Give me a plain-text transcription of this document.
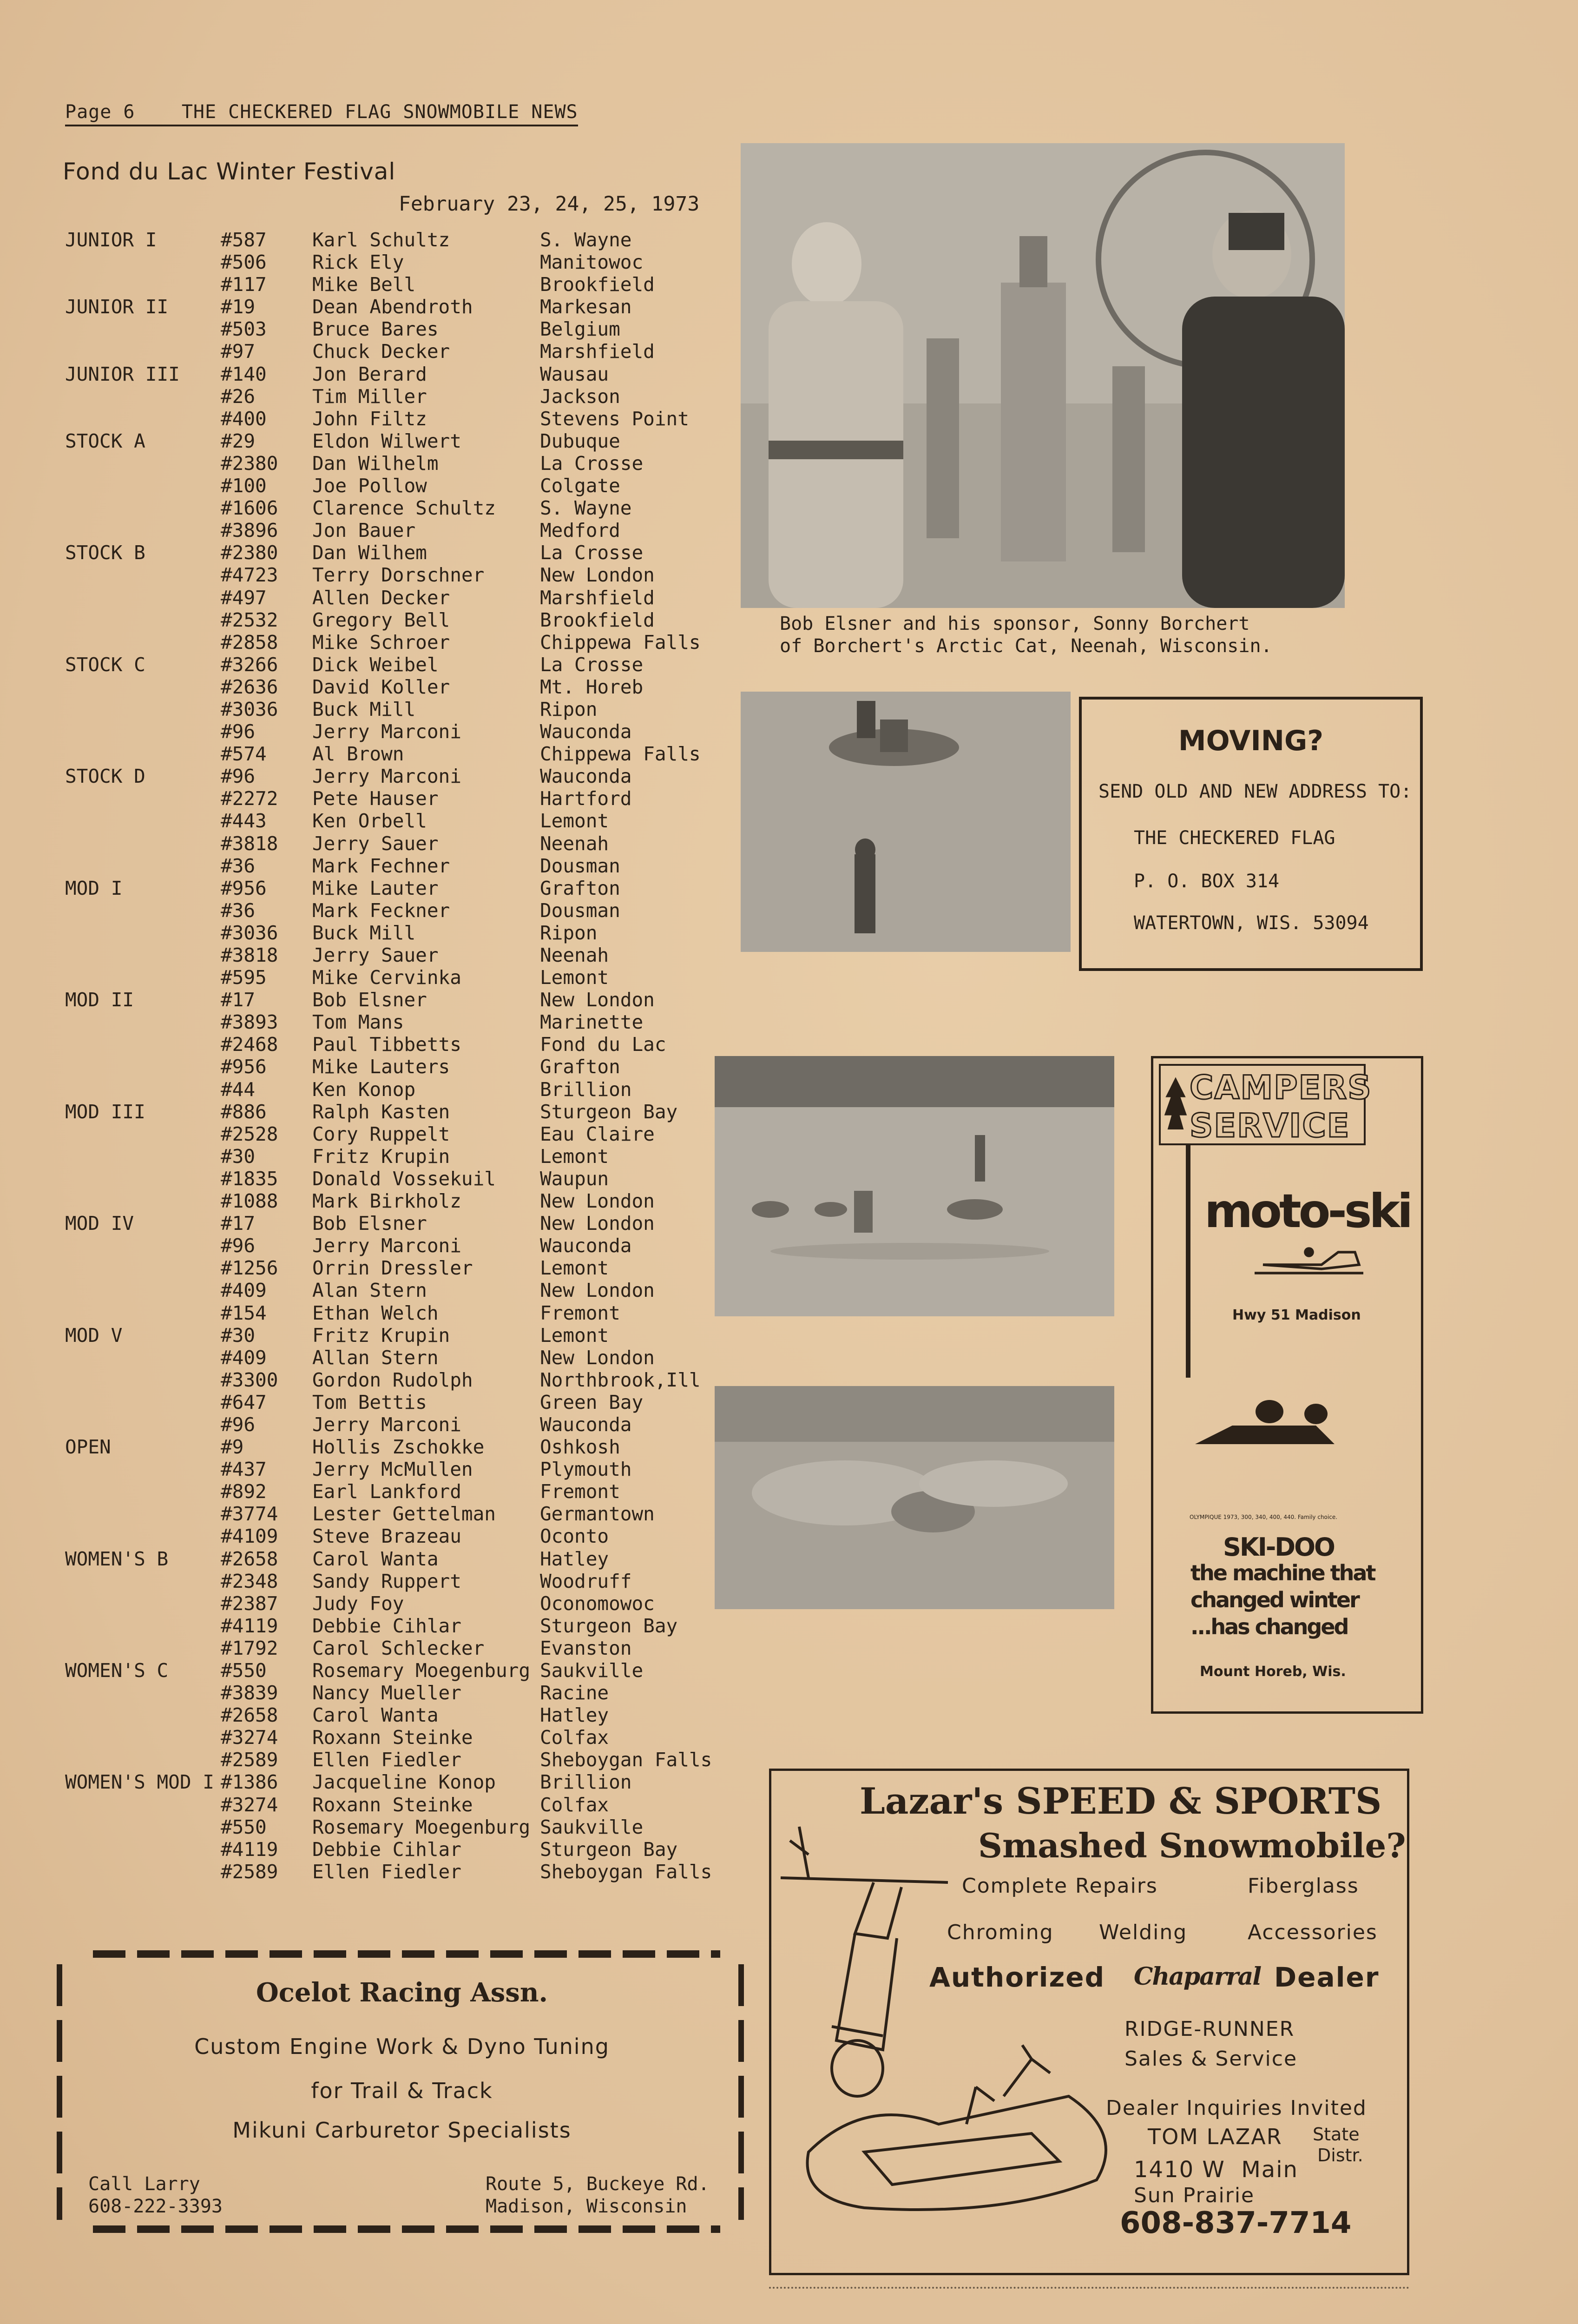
Page 6	THE CHECKERED FLAG SNOWMOBILE NEWS
Fond du Lac Winter Festival
February 23, 24, 25, 1973
JUNIOR I	#587 Karl Schultz	S. Wayne
#506 Rick Ely	Manitowoc
#117 Mike Bell	Brookfield
JUNIOR II	#19	Dean Abendroth	Markesan
#503 Bruce Bares	Belgium
#97	Chuck Decker	Marshfield
JUNIOR III #140 Jon Berard	Wausau
#26	Tim Miller	Jackson
#400 John Filtz	Stevens Point
STOCK A	#29	Eldon Wilwert	Dubuque
#2380 Dan Wilhelm	La Crosse
#100 Joe Pollow	Colgate
#1606 Clarence Schultz S. Wayne
#3896 Jon Bauer	Medford
STOCK B	#2380 Dan Wilhem	La Crosse
#4723 Terry Dorschner	New London
#497 Allen Decker	Marshfield
#2532 Gregory Bell	Brookfield
#2858 Mike Schroer	Chippewa Falls
STOCK C	#3266 Dick Weibel	La Crosse
#2636 David Koller	Mt. Horeb
#3036 Buck Mill	Ripon
#96	Jerry Marconi	Wauconda
#574 Al Brown	Chippewa Falls
STOCK D	#96	Jerry Marconi	Wauconda
#2272 Pete Hauser	Hartford
#443 Ken Orbell	Lemont
#3818 Jerry Sauer	Neenah
#36	Mark Fechner	Dousman
MOD I	#956 Mike Lauter	Grafton
#36	Mark Feckner	Dousman
#3036 Buck Mill	Ripon
#3818 Jerry Sauer	Neenah
#595 Mike Cervinka	Lemont
MOD II	#17	Bob Elsner	New London
#3893 Tom Mans	Marinette
#2468 Paul Tibbetts	Fond du Lac
#956 Mike Lauters	Grafton
#44	Ken Konop	Brillion
MOD III	#886 Ralph Kasten	Sturgeon Bay
#2528 Cory Ruppelt	Eau Claire
#30	Fritz Krupin	Lemont
#1835 Donald Vossekuil Waupun
#1088 Mark Birkholz	New London
MOD IV	#17	Bob Elsner	New London
#96	Jerry Marconi	Wauconda
#1256 Orrin Dressler	Lemont
#409 Alan Stern	New London
#154 Ethan Welch	Fremont
MOD V	#30	Fritz Krupin	Lemont
#409 Allan Stern	New London
#3300 Gordon Rudolph	Northbrook,Ill
#647 Tom Bettis	Green Bay
#96	Jerry Marconi	Wauconda
OPEN	#9	Hollis Zschokke	Oshkosh
#437 Jerry McMullen	Plymouth
#892 Earl Lankford	Fremont
#3774 Lester Gettelman Germantown
#4109 Steve Brazeau	Oconto
WOMEN'S B	#2658 Carol Wanta	Hatley
#2348 Sandy Ruppert	Woodruff
#2387 Judy Foy	Oconomowoc
#4119 Debbie Cihlar	Sturgeon Bay
#1792 Carol Schlecker	Evanston
WOMEN'S C	#550 Rosemary Moegenburg Saukville
#3839 Nancy Mueller	Racine
#2658 Carol Wanta	Hatley
#3274 Roxann Steinke	Colfax
#2589 Ellen Fiedler	Sheboygan Falls
WOMEN'S MOD I #1386 Jacqueline Konop Brillion
#3274 Roxann Steinke	Colfax
#550 Rosemary Moegenburg Saukville
#4119 Debbie Cihlar	Sturgeon Bay
#2589 Ellen Fiedler	Sheboygan Falls
Bob Elsner and his sponsor, Sonny Borchert
of Borchert's Arctic Cat, Neenah, Wisconsin.
MOVING?
SEND OLD AND NEW ADDRESS TO:
THE CHECKERED FLAG
P. O. BOX 314
WATERTOWN, WIS. 53094
CAMPERS
SERVICE
moto-ski
Hwy 51 Madison
OLYMPIQUE 1973, 300, 340, 400, 440. Family choice.
SKI-DOO
the machine that
changed winter
...has changed
Mount Horeb, Wis.
Ocelot Racing Assn.
Custom Engine Work & Dyno Tuning
for Trail & Track
Mikuni Carburetor Specialists
Call Larry
608-222-3393
Route 5, Buckeye Rd.
Madison, Wisconsin
Lazar's SPEED & SPORTS
Smashed Snowmobile?
Complete Repairs	Fiberglass
Chroming Welding	Accessories
Authorized Chaparral Dealer
RIDGE-RUNNER
Sales & Service
Dealer Inquiries Invited
TOM LAZAR State
Distr.
1410 W  Main
Sun Prairie
608-837-7714
